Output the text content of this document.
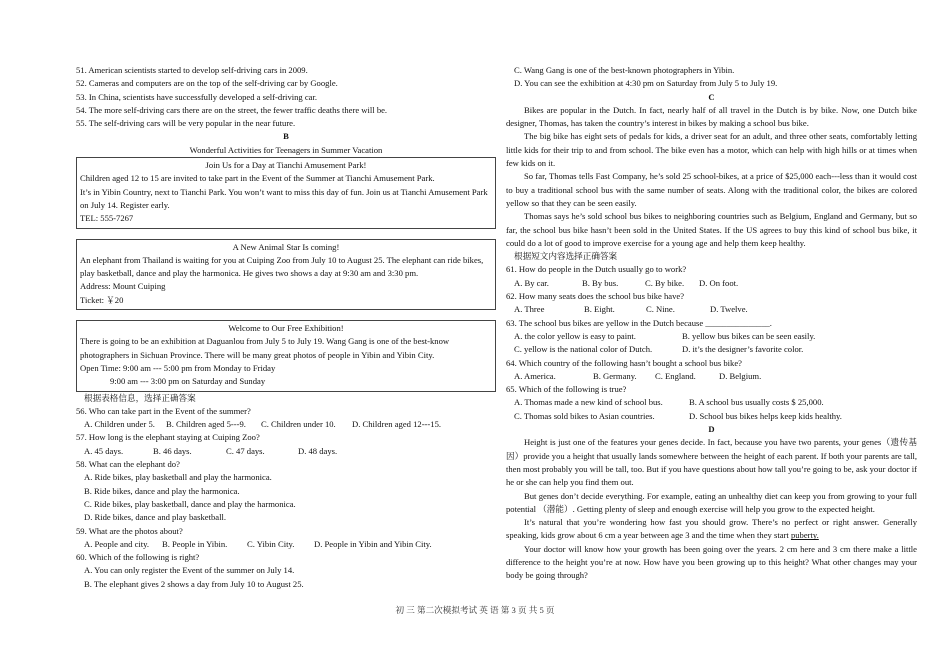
51. American scientists started to develop self-driving cars in 2009.
52. Cameras and computers are on the top of the self-driving car by Google.
53. In China, scientists have successfully developed a self-driving car.
54. The more self-driving cars there are on the street, the fewer traffic deaths there will be.
55. The self-driving cars will be very popular in the near future.
B
Wonderful Activities for Teenagers in Summer Vacation

Join Us for a Day at Tianchi Amusement Park!

Children aged 12 to 15 are invited to take part in the Event of the Summer at Tianchi Amusement Park.

It’s in Yibin Country, next to Tianchi Park. You won’t want to miss this day of fun. Join us at Tianchi Amusement Park on July 14. Register early.

TEL: 555-7267

A New Animal Star Is coming!

An elephant from Thailand is waiting for you at Cuiping Zoo from July 10 to August 25. The elephant can ride bikes, play basketball, dance and play the harmonica. He gives two shows a day at 9:30 am and 3:30 pm.

Address: Mount Cuiping

Ticket: ￥20

Welcome to Our Free Exhibition!

There is going to be an exhibition at Daguanlou from July 5 to July 19. Wang Gang is one of the best-know photographers in Sichuan Province. There will be many great photos of people in Yibin and Yibin City.

Open Time: 9:00 am --- 5:00 pm from Monday to Friday

9:00 am --- 3:00 pm on Saturday and Sunday

根据表格信息，选择正确答案
56. Who can take part in the Event of the summer?
A. Children under 5.	B. Children aged 5---9.	C. Children under 10.	D. Children aged 12---15.
57. How long is the elephant staying at Cuiping Zoo?
A. 45 days.	B. 46 days.	C. 47 days.	D. 48 days.
58. What can the elephant do?
A. Ride bikes, play basketball and play the harmonica.
B. Ride bikes, dance and play the harmonica.
C. Ride bikes, play basketball, dance and play the harmonica.
D. Ride bikes, dance and play basketball.
59. What are the photos about?
A. People and city.	B. People in Yibin.	C. Yibin City.	D. People in Yibin and Yibin City.
60. Which of the following is right?
A. You can only register the Event of the summer on July 14.
B. The elephant gives 2 shows a day from July 10 to August 25.
C. Wang Gang is one of the best-known photographers in Yibin.
D. You can see the exhibition at 4:30 pm on Saturday from July 5 to July 19.
C

Bikes are popular in the Dutch. In fact, nearly half of all travel in the Dutch is by bike. Now, one Dutch bike designer, Thomas, has taken the country’s interest in bikes by making a school bus bike.

The big bike has eight sets of pedals for kids, a driver seat for an adult, and three other seats, comfortably letting little kids for their trip to and from school. The bike even has a motor, which can help with high hills or at times when few kids on it.

So far, Thomas tells Fast Company, he’s sold 25 school-bikes, at a price of $25,000 each---less than it would cost to buy a traditional school bus with the same number of seats. Along with the traditional color, the bikes are colored yellow so that they can be seen easily.

Thomas says he’s sold school bus bikes to neighboring countries such as Belgium, England and Germany, but so far, the school bus bike hasn’t been sold in the United States. If the US agrees to buy this kind of school bus bike, it could do a lot of good to improve exercise for a young age and help them keep healthy.

根据短文内容选择正确答案
61. How do people in the Dutch usually go to work?
A. By car.	B. By bus.	C. By bike.	D. On foot.
62. How many seats does the school bus bike have?
A. Three	B. Eight.	C. Nine.	D. Twelve.
63. The school bus bikes are yellow in the Dutch because _______________.
A. the color yellow is easy to paint.	B. yellow bus bikes can be seen easily.
C. yellow is the national color of Dutch.	D. it’s the designer’s favorite color.
64. Which country of the following hasn’t bought a school bus bike?
A. America.	B. Germany.	C. England.	D. Belgium.
65. Which of the following is true?
A. Thomas made a new kind of school bus.	B. A school bus usually costs $ 25,000.
C. Thomas sold bikes to Asian countries.	D. School bus bikes helps keep kids healthy.
D

Height is just one of the features your genes decide. In fact, because you have two parents, your genes（遗传基因）provide you a height that usually lands somewhere between the height of each parent. If both your parents are tall, then most probably you will be tall, too. But if you have questions about how tall you’re going to be, ask your doctor if he or she can help you find them out.

But genes don’t decide everything. For example, eating an unhealthy diet can keep you from growing to your full potential （潜能）. Getting plenty of sleep and enough exercise will help you grow to the expected height.

It’s natural that you’re wondering how fast you should grow. There’s no perfect or right answer. Generally speaking, kids grow about 6 cm a year between age 3 and the time when they start puberty.

Your doctor will know how your growth has been going over the years. 2 cm here and 3 cm there make a little difference to the height you’re at now. How have you been growing up to this height? What other changes may your body be going through?

初 三 第二次模拟考试 英 语 第 3 页 共 5 页
